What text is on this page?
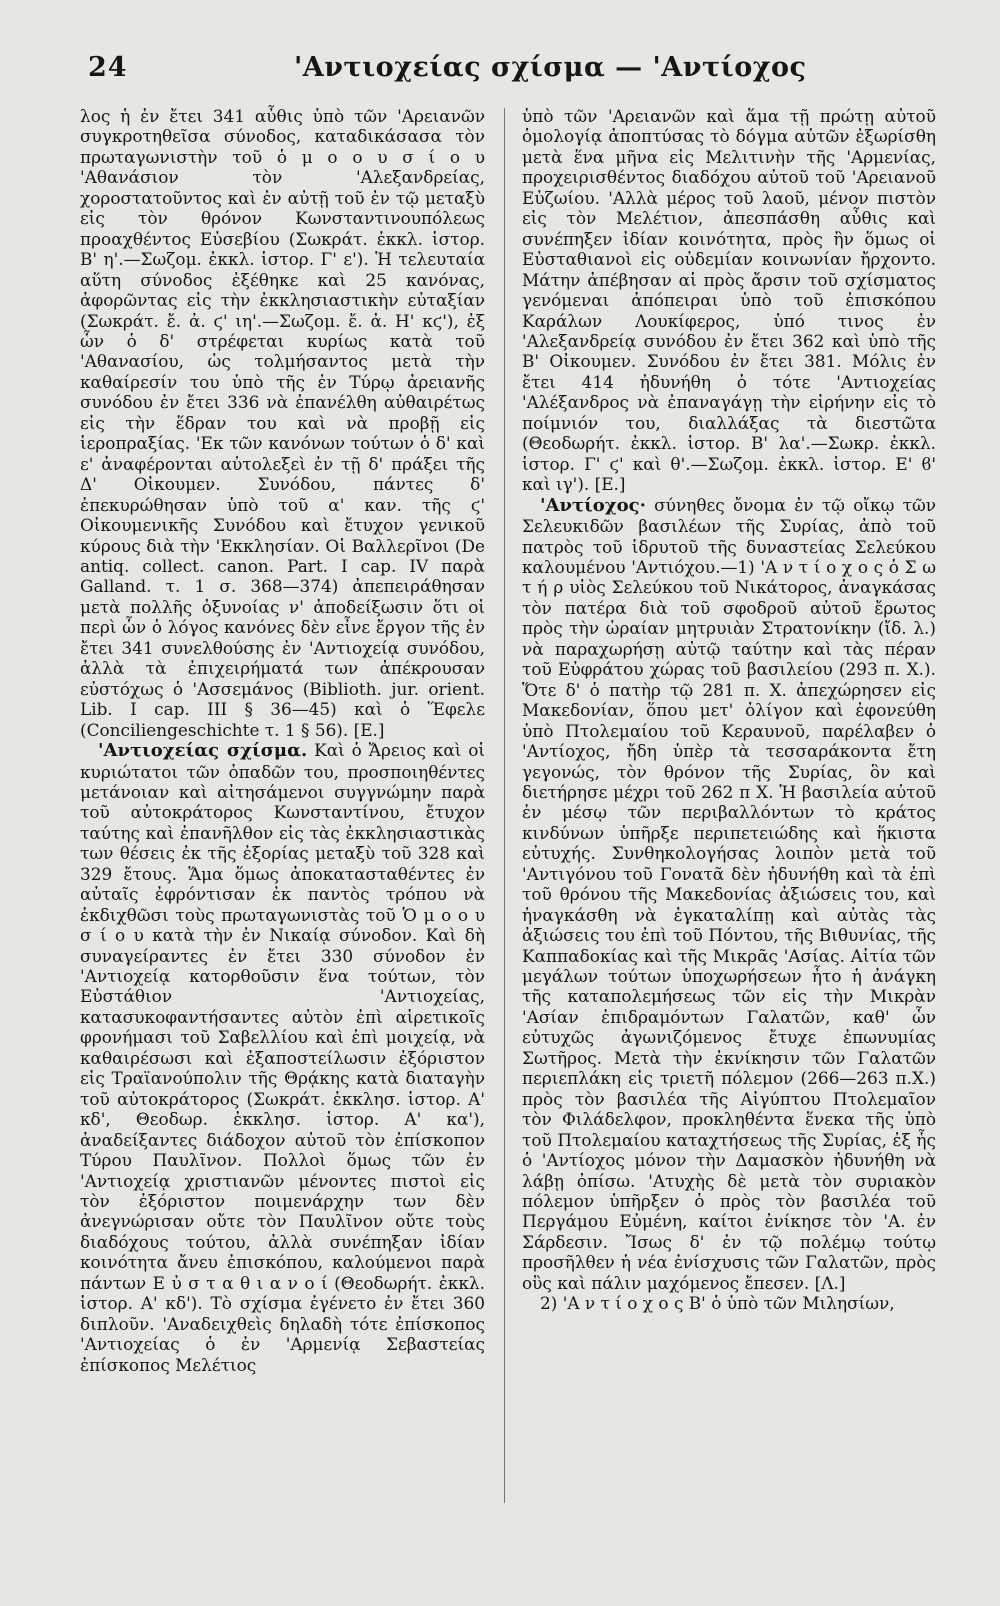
24	'Αντιοχείας σχίσμα — 'Αντίοχος

λος ἡ ἐν ἔτει 341 αὖθις ὑπὸ τῶν 'Αρειανῶν συγκροτηθεῖσα σύνοδος, καταδικάσασα τὸν πρωταγωνιστὴν τοῦ ὁ μ ο ο υ σ ί ο υ 'Αθανάσιον τὸν 'Αλεξανδρείας, χοροστατοῦντος καὶ ἐν αὐτῇ τοῦ ἐν τῷ μεταξὺ εἰς τὸν θρόνον Κωνσταντινουπόλεως προαχθέντος Εὐσεβίου (Σωκράτ. ἐκκλ. ἱστορ. Β' η'.—Σωζομ. ἐκκλ. ἱστορ. Γ' ε'). Ἡ τελευταία αὕτη σύνοδος ἐξέθηκε καὶ 25 κανόνας, ἀφορῶντας εἰς τὴν ἐκκλησιαστικὴν εὐταξίαν (Σωκράτ. ἔ. ἀ. ϛ' ιη'.—Σωζομ. ἔ. ἀ. Η' κϛ'), ἐξ ὧν ὁ δ' στρέφεται κυρίως κατὰ τοῦ 'Αθανασίου, ὡς τολμήσαντος μετὰ τὴν καθαίρεσίν του ὑπὸ τῆς ἐν Τύρῳ ἀρειανῆς συνόδου ἐν ἔτει 336 νὰ ἐπανέλθη αὐθαιρέτως εἰς τὴν ἕδραν του καὶ νὰ προβῇ εἰς ἱεροπραξίας. 'Εκ τῶν κανόνων τούτων ὁ δ' καὶ ε' ἀναφέρονται αὐτολεξεὶ ἐν τῇ δ' πράξει τῆς Δ' Οἰκουμεν. Συνόδου, πάντες δ' ἐπεκυρώθησαν ὑπὸ τοῦ α' καν. τῆς ϛ' Οἰκουμενικῆς Συνόδου καὶ ἔτυχον γενικοῦ κύρους διὰ τὴν 'Εκκλησίαν. Οἱ Βαλλερῖνοι (De antiq. collect. canon. Part. I cap. IV παρὰ Galland. τ. 1 σ. 368—374) ἀπεπειράθησαν μετὰ πολλῆς ὀξυνοίας ν' ἀποδείξωσιν ὅτι οἱ περὶ ὧν ὁ λόγος κανόνες δὲν εἶνε ἔργον τῆς ἐν ἔτει 341 συνελθούσης ἐν 'Αντιοχείᾳ συνόδου, ἀλλὰ τὰ ἐπιχειρήματά των ἀπέκρουσαν εὐστόχως ὁ 'Ασσεμάνος (Biblioth. jur. orient. Lib. I cap. III § 36—45) καὶ ὁ Ἕφελε (Conciliengeschichte τ. 1 § 56). [Ε.]

'Αντιοχείας σχίσμα. Καὶ ὁ Ἄρειος καὶ οἱ κυριώτατοι τῶν ὀπαδῶν του, προσποιηθέντες μετάνοιαν καὶ αἰτησάμενοι συγγνώμην παρὰ τοῦ αὐτοκράτορος Κωνσταντίνου, ἔτυχον ταύτης καὶ ἐπανῆλθον εἰς τὰς ἐκκλησιαστικὰς των θέσεις ἐκ τῆς ἐξορίας μεταξὺ τοῦ 328 καὶ 329 ἔτους. Ἅμα ὅμως ἀποκατασταθέντες ἐν αὐταῖς ἐφρόντισαν ἐκ παντὸς τρόπου νὰ ἐκδιχθῶσι τοὺς πρωταγωνιστὰς τοῦ Ὁ μ ο ο υ σ ί ο υ κατὰ τὴν ἐν Νικαίᾳ σύνοδον. Καὶ δὴ συναγείραντες ἐν ἔτει 330 σύνοδον ἐν 'Αντιοχείᾳ κατορθοῦσιν ἕνα τούτων, τὸν Εὐστάθιον 'Αντιοχείας, κατασυκοφαντήσαντες αὐτὸν ἐπὶ αἱρετικοῖς φρονήμασι τοῦ Σαβελλίου καὶ ἐπὶ μοιχείᾳ, νὰ καθαιρέσωσι καὶ ἐξαποστείλωσιν ἐξόριστον εἰς Τραϊανούπολιν τῆς Θρᾴκης κατὰ διαταγὴν τοῦ αὐτοκράτορος (Σωκράτ. ἐκκλησ. ἱστορ. Α' κδ', Θεοδωρ. ἐκκλησ. ἱστορ. Α' κα'), ἀναδείξαντες διάδοχον αὐτοῦ τὸν ἐπίσκοπον Τύρου Παυλῖνον. Πολλοὶ ὅμως τῶν ἐν 'Αντιοχείᾳ χριστιανῶν μένοντες πιστοὶ εἰς τὸν ἐξόριστον ποιμενάρχην των δὲν ἀνεγνώρισαν οὔτε τὸν Παυλῖνον οὔτε τοὺς διαδόχους τούτου, ἀλλὰ συνέπηξαν ἰδίαν κοινότητα ἄνευ ἐπισκόπου, καλούμενοι παρὰ πάντων Ε ὐ σ τ α θ ι α ν ο ί (Θεοδωρήτ. ἐκκλ. ἱστορ. Α' κδ'). Τὸ σχίσμα ἐγένετο ἐν ἔτει 360 διπλοῦν. 'Αναδειχθεὶς δηλαδὴ τότε ἐπίσκοπος 'Αντιοχείας ὁ ἐν 'Αρμενίᾳ Σεβαστείας ἐπίσκοπος Μελέτιος

ὑπὸ τῶν 'Αρειανῶν καὶ ἅμα τῇ πρώτῃ αὐτοῦ ὁμολογίᾳ ἀποπτύσας τὸ δόγμα αὐτῶν ἐξωρίσθη μετὰ ἕνα μῆνα εἰς Μελιτινὴν τῆς 'Αρμενίας, προχειρισθέντος διαδόχου αὐτοῦ τοῦ 'Αρειανοῦ Εὐζωίου. 'Αλλὰ μέρος τοῦ λαοῦ, μένον πιστὸν εἰς τὸν Μελέτιον, ἀπεσπάσθη αὖθις καὶ συνέπηξεν ἰδίαν κοινότητα, πρὸς ἣν ὅμως οἱ Εὐσταθιανοὶ εἰς οὐδεμίαν κοινωνίαν ἤρχοντο. Μάτην ἀπέβησαν αἱ πρὸς ἄρσιν τοῦ σχίσματος γενόμεναι ἀπόπειραι ὑπὸ τοῦ ἐπισκόπου Καράλων Λουκίφερος, ὑπό τινος ἐν 'Αλεξανδρείᾳ συνόδου ἐν ἔτει 362 καὶ ὑπὸ τῆς Β' Οἰκουμεν. Συνόδου ἐν ἔτει 381. Μόλις ἐν ἔτει 414 ἠδυνήθη ὁ τότε 'Αντιοχείας 'Αλέξανδρος νὰ ἐπαναγάγῃ τὴν εἰρήνην εἰς τὸ ποίμνιόν του, διαλλάξας τὰ διεστῶτα (Θεοδωρήτ. ἐκκλ. ἱστορ. Β' λα'.—Σωκρ. ἐκκλ. ἱστορ. Γ' ϛ' καὶ θ'.—Σωζομ. ἐκκλ. ἱστορ. Ε' ϐ' καὶ ιγ'). [Ε.]

'Αντίοχος· σύνηθες ὄνομα ἐν τῷ οἴκῳ τῶν Σελευκιδῶν βασιλέων τῆς Συρίας, ἀπὸ τοῦ πατρὸς τοῦ ἱδρυτοῦ τῆς δυναστείας Σελεύκου καλουμένου 'Αντιόχου.—1) 'Α ν τ ί ο χ ο ς ὁ Σ ω τ ή ρ υἱὸς Σελεύκου τοῦ Νικάτορος, ἀναγκάσας τὸν πατέρα διὰ τοῦ σφοδροῦ αὐτοῦ ἔρωτος πρὸς τὴν ὡραίαν μητρυιὰν Στρατονίκην (ἴδ. λ.) νὰ παραχωρήσῃ αὐτῷ ταύτην καὶ τὰς πέραν τοῦ Εὐφράτου χώρας τοῦ βασιλείου (293 π. Χ.). Ὅτε δ' ὁ πατὴρ τῷ 281 π. Χ. ἀπεχώρησεν εἰς Μακεδονίαν, ὅπου μετ' ὀλίγον καὶ ἐφονεύθη ὑπὸ Πτολεμαίου τοῦ Κεραυνοῦ, παρέλαβεν ὁ 'Αντίοχος, ἤδη ὑπὲρ τὰ τεσσαράκοντα ἔτη γεγονώς, τὸν θρόνον τῆς Συρίας, ὃν καὶ διετήρησε μέχρι τοῦ 262 π Χ. Ἡ βασιλεία αὐτοῦ ἐν μέσῳ τῶν περιβαλλόντων τὸ κράτος κινδύνων ὑπῆρξε περιπετειώδης καὶ ἥκιστα εὐτυχής. Συνθηκολογήσας λοιπὸν μετὰ τοῦ 'Αντιγόνου τοῦ Γονατᾶ δὲν ἠδυνήθη καὶ τὰ ἐπὶ τοῦ θρόνου τῆς Μακεδονίας ἀξιώσεις του, καὶ ἠναγκάσθη νὰ ἐγκαταλίπῃ καὶ αὐτὰς τὰς ἀξιώσεις του ἐπὶ τοῦ Πόντου, τῆς Βιθυνίας, τῆς Καππαδοκίας καὶ τῆς Μικρᾶς 'Ασίας. Αἰτία τῶν μεγάλων τούτων ὑποχωρήσεων ἦτο ἡ ἀνάγκη τῆς καταπολεμήσεως τῶν εἰς τὴν Μικρὰν 'Ασίαν ἐπιδραμόντων Γαλατῶν, καθ' ὧν εὐτυχῶς ἀγωνιζόμενος ἔτυχε ἐπωνυμίας Σωτῆρος. Μετὰ τὴν ἐκνίκησιν τῶν Γαλατῶν περιεπλάκη εἰς τριετῆ πόλεμον (266—263 π.Χ.) πρὸς τὸν βασιλέα τῆς Αἰγύπτου Πτολεμαῖον τὸν Φιλάδελφον, προκληθέντα ἕνεκα τῆς ὑπὸ τοῦ Πτολεμαίου καταχτήσεως τῆς Συρίας, ἐξ ἧς ὁ 'Αντίοχος μόνον τὴν Δαμασκὸν ἠδυνήθη νὰ λάβῃ ὀπίσω. 'Ατυχὴς δὲ μετὰ τὸν συριακὸν πόλεμον ὑπῆρξεν ὁ πρὸς τὸν βασιλέα τοῦ Περγάμου Εὐμένη, καίτοι ἐνίκησε τὸν 'Α. ἐν Σάρδεσιν. Ἴσως δ' ἐν τῷ πολέμῳ τούτῳ προσῆλθεν ἡ νέα ἐνίσχυσις τῶν Γαλατῶν, πρὸς οὓς καὶ πάλιν μαχόμενος ἔπεσεν. [Λ.]

2) 'Α ν τ ί ο χ ο ς Β' ὁ ὑπὸ τῶν Μιλησίων,
